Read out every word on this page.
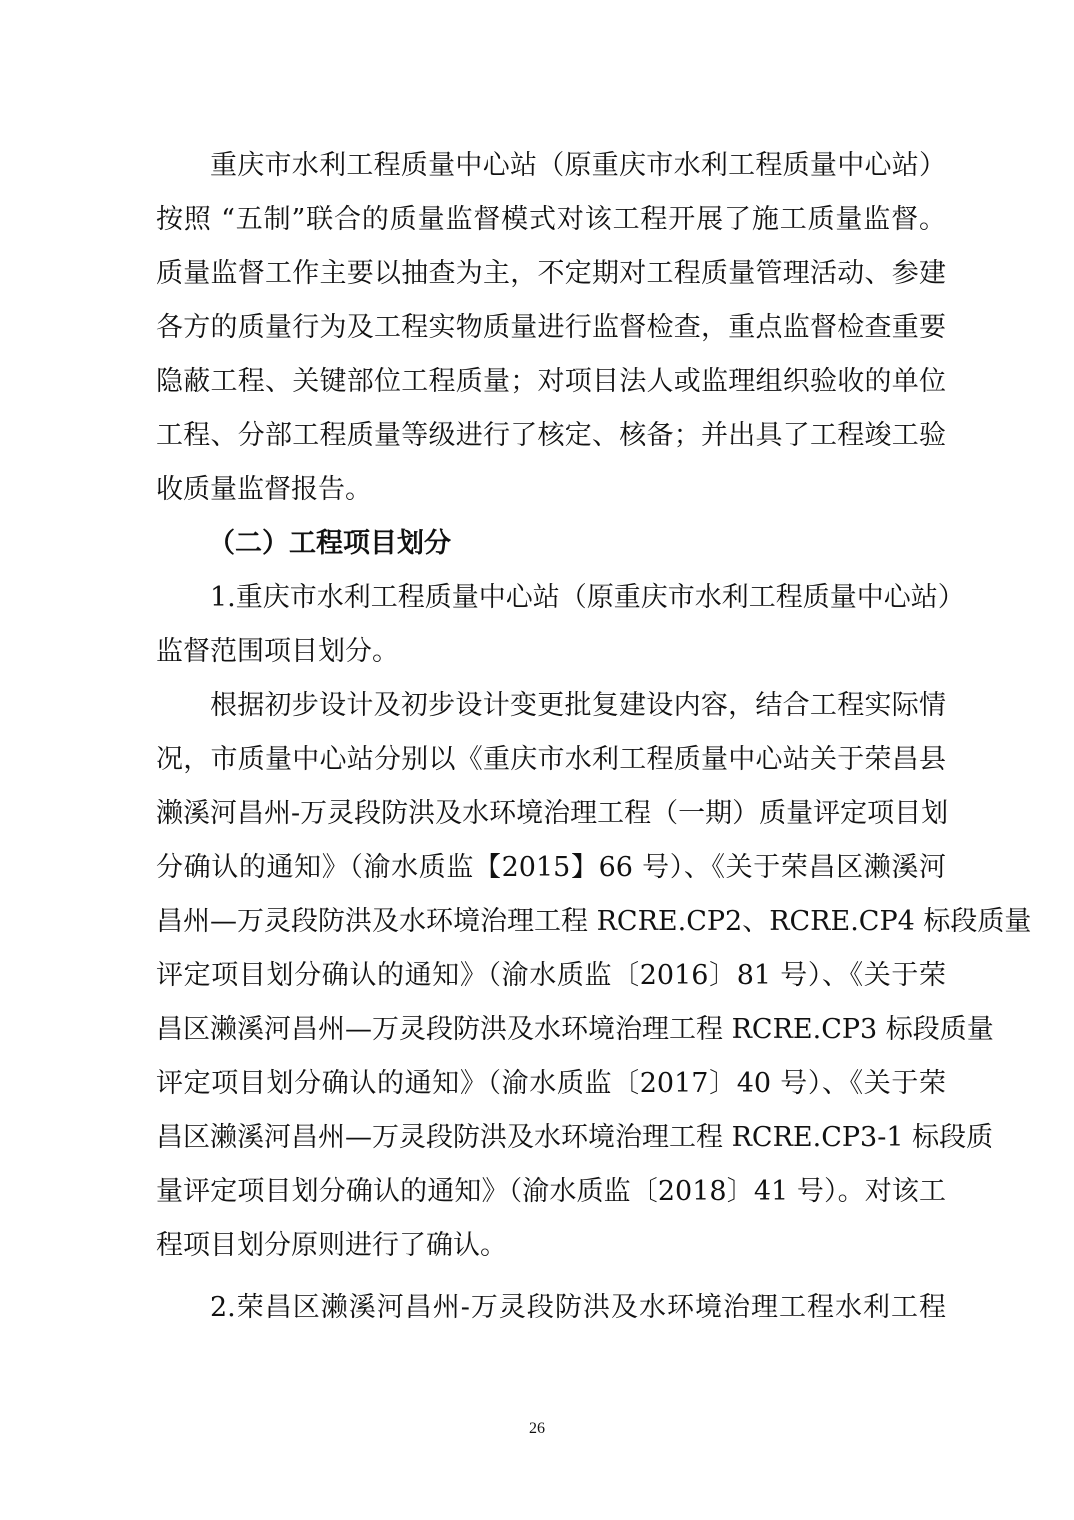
重庆市水利工程质量中心站（原重庆市水利工程质量中心站）
按照 “五制”联合的质量监督模式对该工程开展了施工质量监督。
质量监督工作主要以抽查为主，不定期对工程质量管理活动、参建
各方的质量行为及工程实物质量进行监督检查，重点监督检查重要
隐蔽工程、关键部位工程质量；对项目法人或监理组织验收的单位
工程、分部工程质量等级进行了核定、核备；并出具了工程竣工验
收质量监督报告。
（二）工程项目划分
1.重庆市水利工程质量中心站（原重庆市水利工程质量中心站）
监督范围项目划分。
根据初步设计及初步设计变更批复建设内容，结合工程实际情
况，市质量中心站分别以《重庆市水利工程质量中心站关于荣昌县
濑溪河昌州-万灵段防洪及水环境治理工程（一期）质量评定项目划
分确认的通知》（渝水质监【2015】66 号）、《关于荣昌区濑溪河
昌州—万灵段防洪及水环境治理工程 RCRE.CP2、RCRE.CP4 标段质量
评定项目划分确认的通知》（渝水质监〔2016〕81 号）、《关于荣
昌区濑溪河昌州—万灵段防洪及水环境治理工程 RCRE.CP3 标段质量
评定项目划分确认的通知》（渝水质监〔2017〕40 号）、《关于荣
昌区濑溪河昌州—万灵段防洪及水环境治理工程 RCRE.CP3-1 标段质
量评定项目划分确认的通知》（渝水质监〔2018〕41 号）。对该工
程项目划分原则进行了确认。
2.荣昌区濑溪河昌州-万灵段防洪及水环境治理工程水利工程
26
